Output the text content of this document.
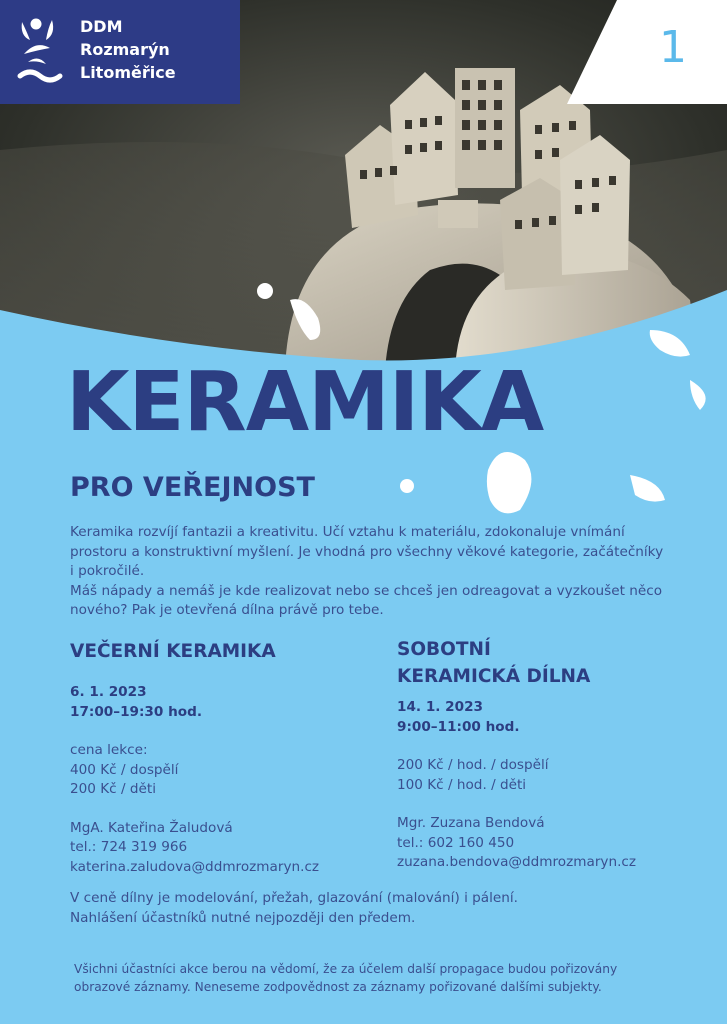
DDM
Rozmarýn
Litoměřice	1
KERAMIKA
PRO VEŘEJNOST

Keramika rozvíjí fantazii a kreativitu. Učí vztahu k materiálu, zdokonaluje vnímání prostoru a konstruktivní myšlení. Je vhodná pro všechny věkové kategorie, začátečníky i pokročilé.

Máš nápady a nemáš je kde realizovat nebo se chceš jen odreagovat a vyzkoušet něco nového? Pak je otevřená dílna právě pro tebe.

VEČERNÍ KERAMIKA
6. 1. 2023
17:00–19:30 hod.
cena lekce:
400 Kč / dospělí
200 Kč / děti
MgA. Kateřina Žaludová
tel.: 724 319 966
katerina.zaludova@ddmrozmaryn.cz
SOBOTNÍ
KERAMICKÁ DÍLNA
14. 1. 2023
9:00–11:00 hod.
200 Kč / hod. / dospělí
100 Kč / hod. / děti
Mgr. Zuzana Bendová
tel.: 602 160 450
zuzana.bendova@ddmrozmaryn.cz

V ceně dílny je modelování, přežah, glazování (malování) i pálení.

Nahlášení účastníků nutné nejpozději den předem.

Všichni účastníci akce berou na vědomí, že za účelem další propagace budou pořizovány

obrazové záznamy. Neneseme zodpovědnost za záznamy pořizované dalšími subjekty.
